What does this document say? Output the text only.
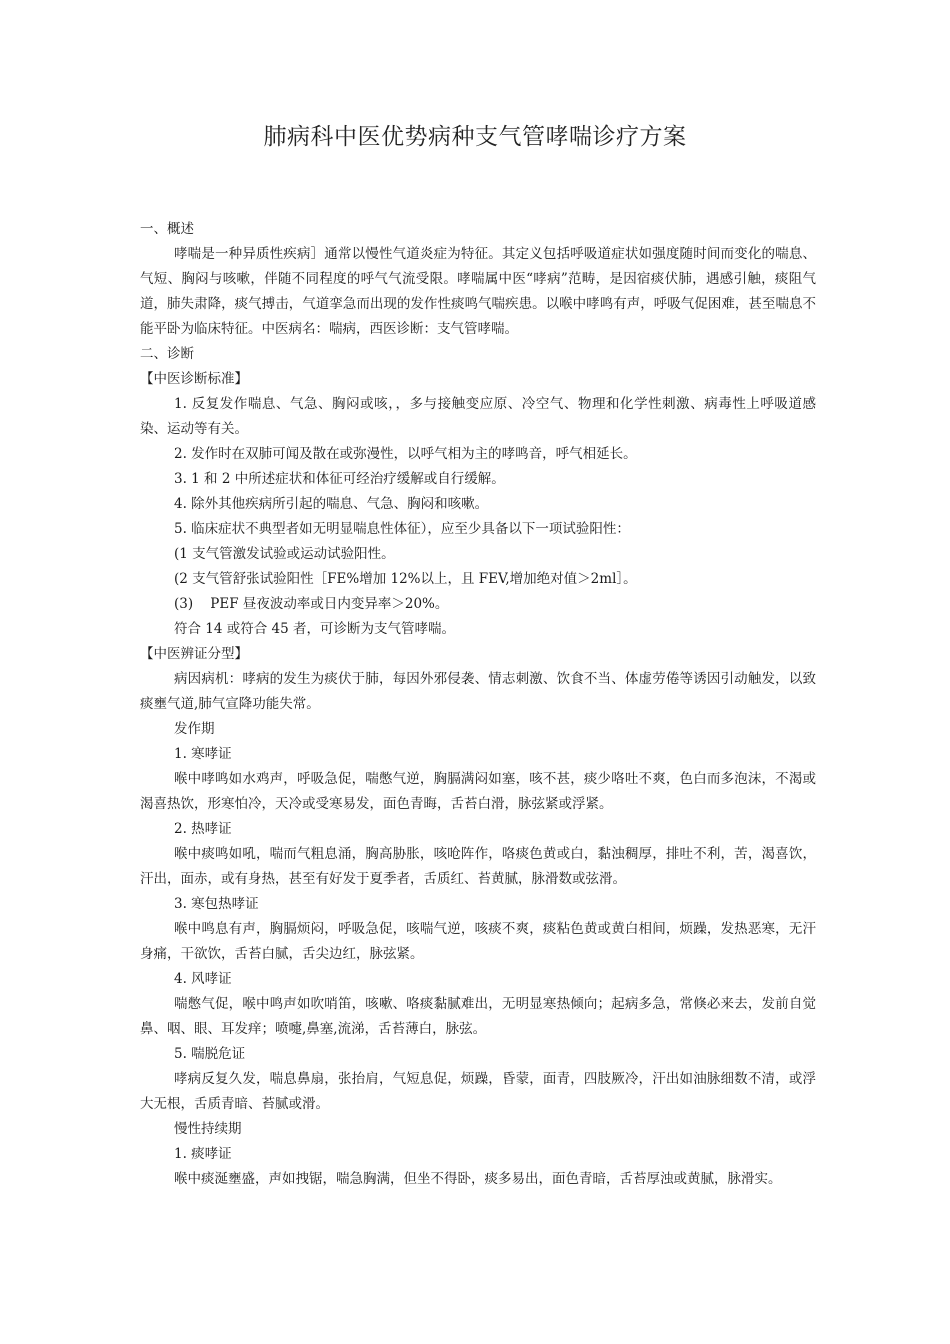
肺病科中医优势病种支气管哮喘诊疗方案

一、概述

哮喘是一种异质性疾病］通常以慢性气道炎症为特征。其定义包括呼吸道症状如强度随时间而变化的喘息、气短、胸闷与咳嗽，伴随不同程度的呼气气流受限。哮喘属中医“哮病”范畴，是因宿痰伏肺，遇感引触，痰阻气道，肺失肃降，痰气搏击，气道挛急而出现的发作性痰鸣气喘疾患。以喉中哮鸣有声，呼吸气促困难，甚至喘息不能平卧为临床特征。中医病名：喘病，西医诊断：支气管哮喘。

二、诊断

【中医诊断标准】

1. 反复发作喘息、气急、胸闷或咳，，多与接触变应原、冷空气、物理和化学性刺激、病毒性上呼吸道感染、运动等有关。

2. 发作时在双肺可闻及散在或弥漫性，以呼气相为主的哮鸣音，呼气相延长。

3. 1 和 2 中所述症状和体征可经治疗缓解或自行缓解。

4. 除外其他疾病所引起的喘息、气急、胸闷和咳嗽。

5. 临床症状不典型者如无明显喘息性体征），应至少具备以下一项试验阳性：

(1 支气管激发试验或运动试验阳性。

(2 支气管舒张试验阳性［FE%增加 12%以上，且 FEV,增加绝对值＞2ml］。

(3)    PEF 昼夜波动率或日内变异率＞20%。

符合 14 或符合 45 者，可诊断为支气管哮喘。

【中医辨证分型】

病因病机：哮病的发生为痰伏于肺，每因外邪侵袭、情志刺激、饮食不当、体虚劳倦等诱因引动触发，以致痰壅气道,肺气宣降功能失常。

发作期

1. 寒哮证

喉中哮鸣如水鸡声，呼吸急促，喘憋气逆，胸膈满闷如塞，咳不甚，痰少咯吐不爽，色白而多泡沫，不渴或渴喜热饮，形寒怕冷，天冷或受寒易发，面色青晦，舌苔白滑，脉弦紧或浮紧。

2. 热哮证

喉中痰鸣如吼，喘而气粗息涌，胸高胁胀，咳呛阵作，咯痰色黄或白，黏浊稠厚，排吐不利，苦，渴喜饮，汗出，面赤，或有身热，甚至有好发于夏季者，舌质红、苔黄腻，脉滑数或弦滑。

3. 寒包热哮证

喉中鸣息有声，胸膈烦闷，呼吸急促，咳喘气逆，咳痰不爽，痰粘色黄或黄白相间，烦躁，发热恶寒，无汗身痛，干欲饮，舌苔白腻，舌尖边红，脉弦紧。

4. 风哮证

喘憋气促，喉中鸣声如吹哨笛，咳嗽、咯痰黏腻难出，无明显寒热倾向；起病多急，常倏必来去，发前自觉鼻、咽、眼、耳发痒；喷嚏,鼻塞,流涕，舌苔薄白，脉弦。

5. 喘脱危证

哮病反复久发，喘息鼻扇，张抬肩，气短息促，烦躁，昏蒙，面青，四肢厥冷，汗出如油脉细数不清，或浮大无根，舌质青暗、苔腻或滑。

慢性持续期

1. 痰哮证

喉中痰涎壅盛，声如拽锯，喘急胸满，但坐不得卧，痰多易出，面色青暗，舌苔厚浊或黄腻，脉滑实。
